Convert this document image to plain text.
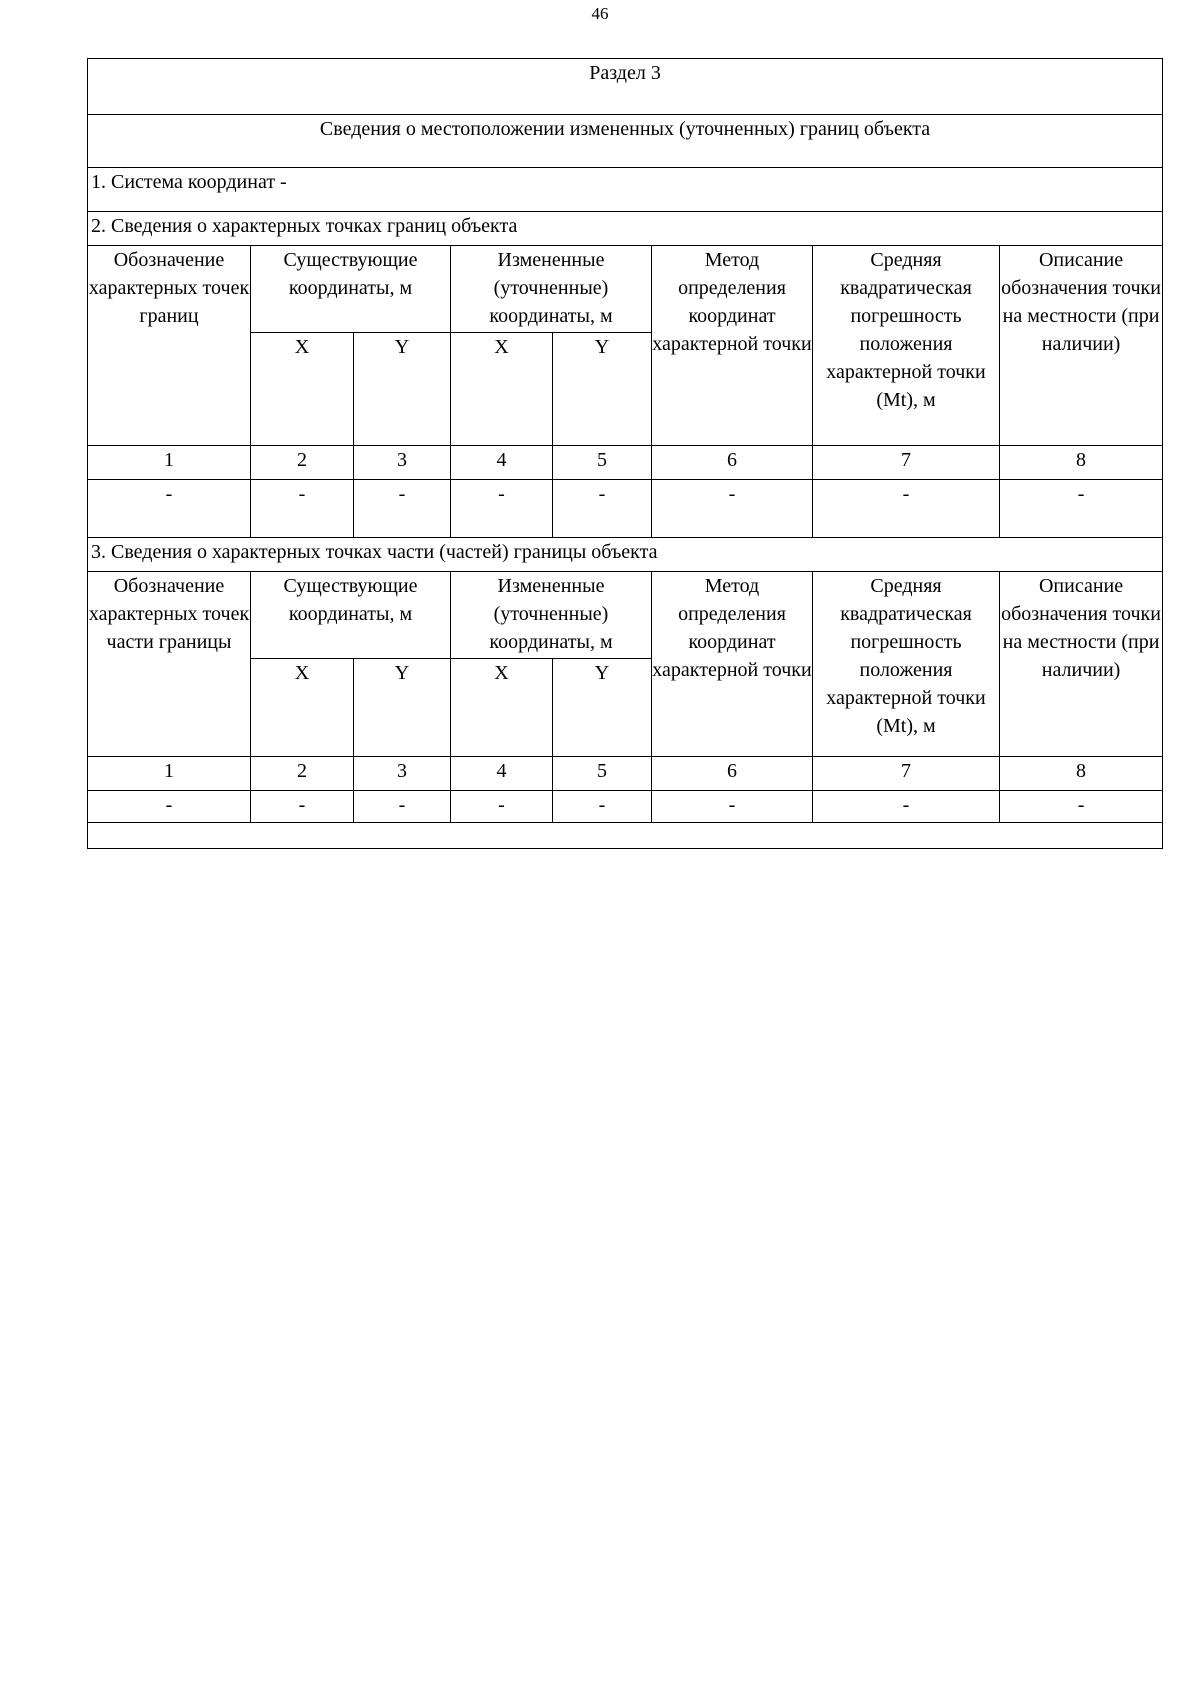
46
Раздел 3							
Сведения о местоположении измененных (уточненных) границ объекта							
1. Система координат -							
2. Сведения о характерных точках границ объекта							
Обозначение характерных точек границ	Существующие координаты, м		Измененные (уточненные) координаты, м		Метод определения координат характерной точки	Средняя квадратическая погрешность положения характерной точки (Mt), м	Описание обозначения точки на местности (при наличии)
	X	Y	X	Y			
1	2	3	4	5	6	7	8
-	-	-	-	-	-	-	-
3. Сведения о характерных точках части (частей) границы объекта							
Обозначение характерных точек части границы	Существующие координаты, м		Измененные (уточненные) координаты, м		Метод определения координат характерной точки	Средняя квадратическая погрешность положения характерной точки (Mt), м	Описание обозначения точки на местности (при наличии)
	X	Y	X	Y			
1	2	3	4	5	6	7	8
-	-	-	-	-	-	-	-
